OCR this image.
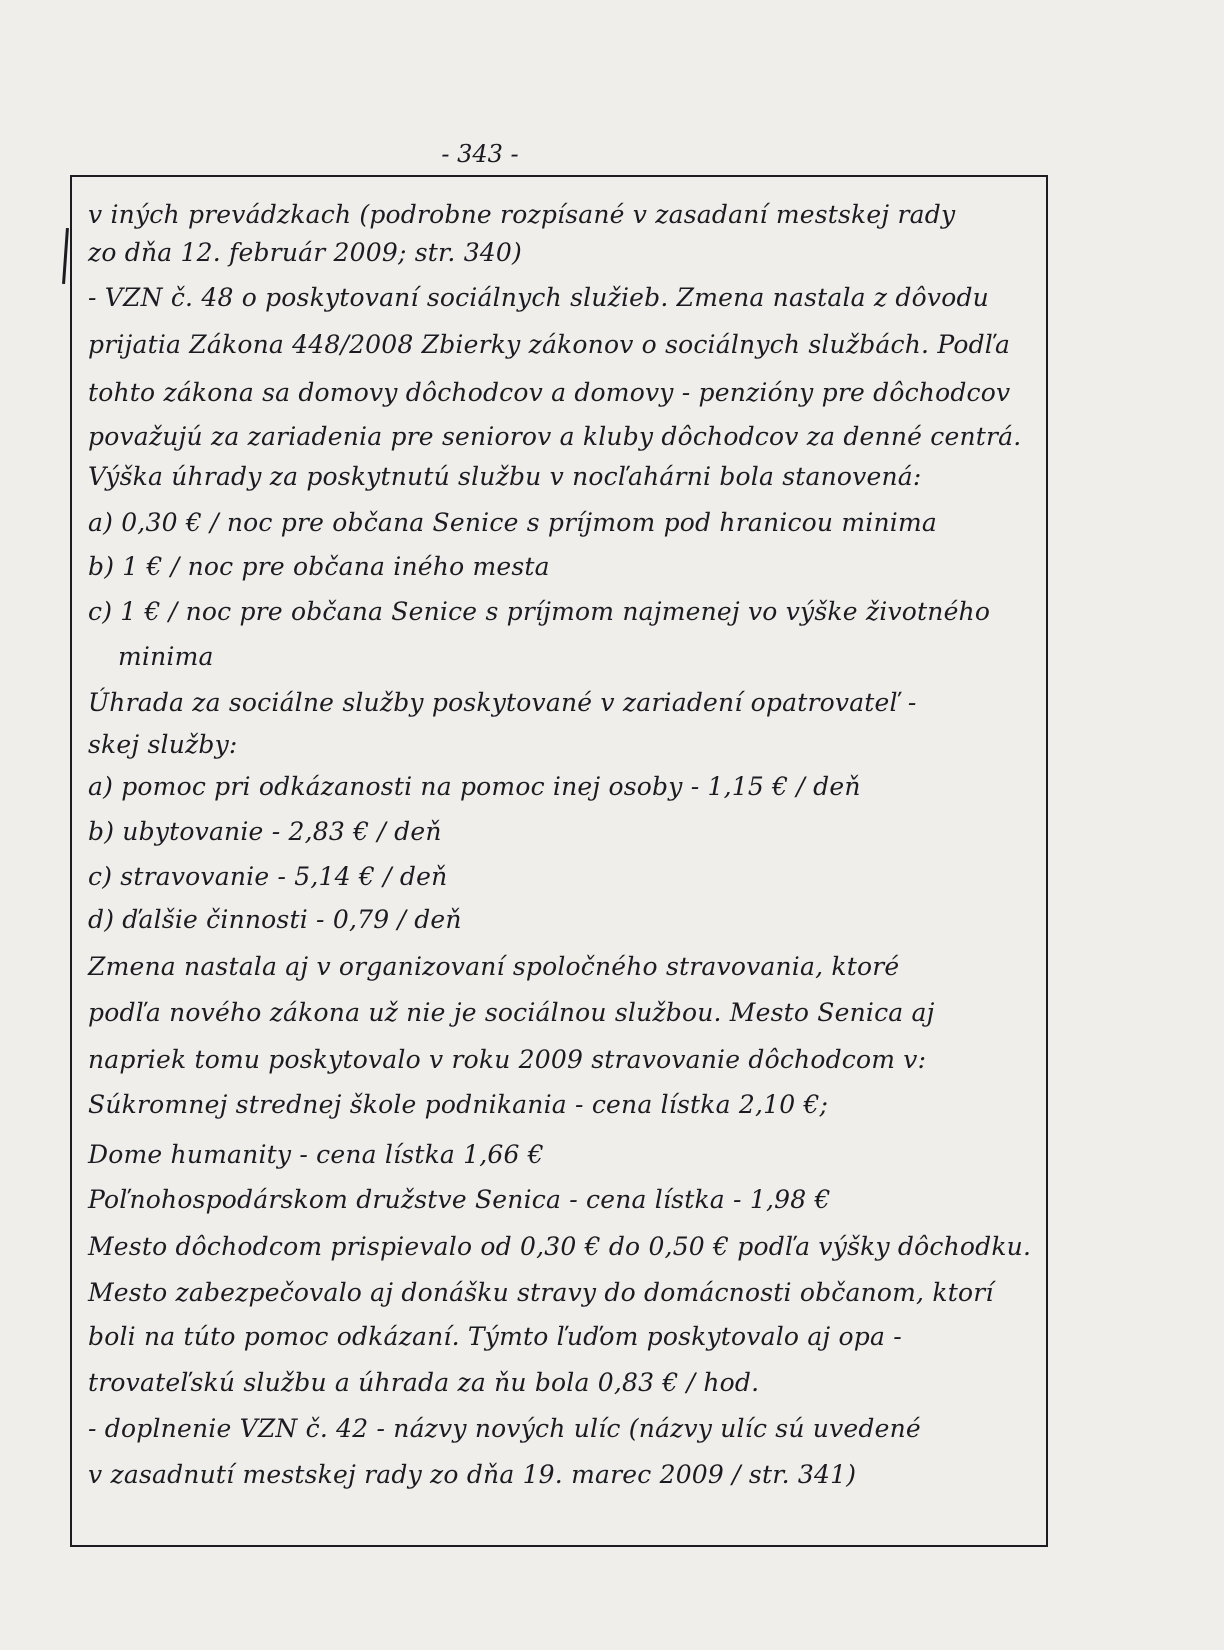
- 343 -
v iných prevádzkach (podrobne rozpísané v zasadaní mestskej rady
zo dňa 12. február 2009; str. 340)
- VZN č. 48 o poskytovaní sociálnych služieb. Zmena nastala z dôvodu
prijatia Zákona 448/2008 Zbierky zákonov o sociálnych službách. Podľa
tohto zákona sa domovy dôchodcov a domovy - penzióny pre dôchodcov
považujú za zariadenia pre seniorov a kluby dôchodcov za denné centrá.
Výška úhrady za poskytnutú službu v nocľahárni bola stanovená:
a) 0,30 € / noc pre občana Senice s príjmom pod hranicou minima
b) 1 € / noc pre občana iného mesta
c) 1 € / noc pre občana Senice s príjmom najmenej vo výške životného
minima
Úhrada za sociálne služby poskytované v zariadení opatrovateľ -
skej služby:
a) pomoc pri odkázanosti na pomoc inej osoby - 1,15 € / deň
b) ubytovanie - 2,83 € / deň
c) stravovanie - 5,14 € / deň
d) ďalšie činnosti - 0,79 / deň
Zmena nastala aj v organizovaní spoločného stravovania, ktoré
podľa nového zákona už nie je sociálnou službou. Mesto Senica aj
napriek tomu poskytovalo v roku 2009 stravovanie dôchodcom v:
Súkromnej strednej škole podnikania - cena lístka 2,10 €;
Dome humanity - cena lístka 1,66 €
Poľnohospodárskom družstve Senica - cena lístka - 1,98 €
Mesto dôchodcom prispievalo od 0,30 € do 0,50 € podľa výšky dôchodku.
Mesto zabezpečovalo aj donášku stravy do domácnosti občanom, ktorí
boli na túto pomoc odkázaní. Týmto ľuďom poskytovalo aj opa -
trovateľskú službu a úhrada za ňu bola 0,83 € / hod.
- doplnenie VZN č. 42 - názvy nových ulíc (názvy ulíc sú uvedené
v zasadnutí mestskej rady zo dňa 19. marec 2009 / str. 341)
